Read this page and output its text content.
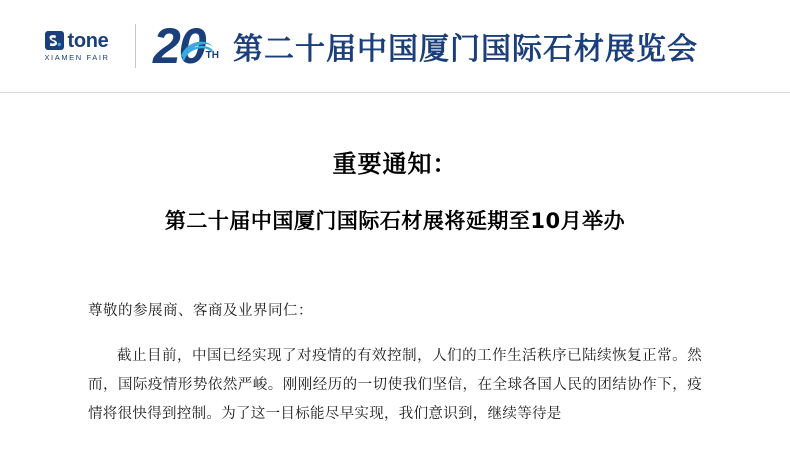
tone
XIAMEN FAIR 20 TH 第二十届中国厦门国际石材展览会
重要通知：
第二十届中国厦门国际石材展将延期至10月举办
尊敬的参展商、客商及业界同仁：
截止目前，中国已经实现了对疫情的有效控制，人们的工作生活秩序已陆续恢复正常。然而，国际疫情形势依然严峻。刚刚经历的一切使我们坚信，在全球各国人民的团结协作下，疫情将很快得到控制。为了这一目标能尽早实现，我们意识到，继续等待是
